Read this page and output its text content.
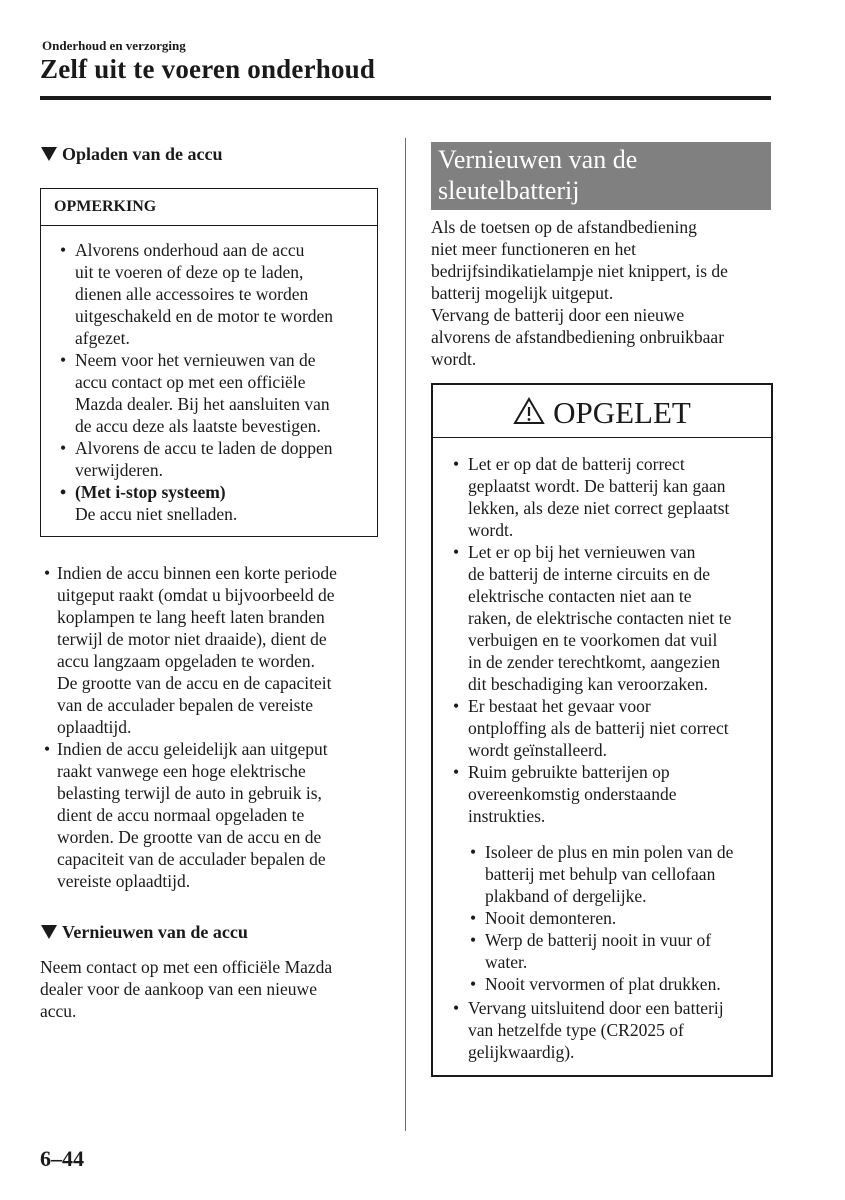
Onderhoud en verzorging
Zelf uit te voeren onderhoud
Opladen van de accu
OPMERKING
• Alvorens onderhoud aan de accu
uit te voeren of deze op te laden,
dienen alle accessoires te worden
uitgeschakeld en de motor te worden
afgezet.
• Neem voor het vernieuwen van de
accu contact op met een officiële
Mazda dealer. Bij het aansluiten van
de accu deze als laatste bevestigen.
• Alvorens de accu te laden de doppen
verwijderen.
• (Met i-stop systeem)
De accu niet snelladen.
• Indien de accu binnen een korte periode
uitgeput raakt (omdat u bijvoorbeeld de
koplampen te lang heeft laten branden
terwijl de motor niet draaide), dient de
accu langzaam opgeladen te worden.
De grootte van de accu en de capaciteit
van de acculader bepalen de vereiste
oplaadtijd.
• Indien de accu geleidelijk aan uitgeput
raakt vanwege een hoge elektrische
belasting terwijl de auto in gebruik is,
dient de accu normaal opgeladen te
worden. De grootte van de accu en de
capaciteit van de acculader bepalen de
vereiste oplaadtijd.
Vernieuwen van de accu
Neem contact op met een officiële Mazda
dealer voor de aankoop van een nieuwe
accu.
Vernieuwen van de
sleutelbatterij
Als de toetsen op de afstandbediening
niet meer functioneren en het
bedrijfsindikatielampje niet knippert, is de
batterij mogelijk uitgeput.
Vervang de batterij door een nieuwe
alvorens de afstandbediening onbruikbaar
wordt.
OPGELET
• Let er op dat de batterij correct
geplaatst wordt. De batterij kan gaan
lekken, als deze niet correct geplaatst
wordt.
• Let er op bij het vernieuwen van
de batterij de interne circuits en de
elektrische contacten niet aan te
raken, de elektrische contacten niet te
verbuigen en te voorkomen dat vuil
in de zender terechtkomt, aangezien
dit beschadiging kan veroorzaken.
• Er bestaat het gevaar voor
ontploffing als de batterij niet correct
wordt geïnstalleerd.
• Ruim gebruikte batterijen op
overeenkomstig onderstaande
instrukties.
• Isoleer de plus en min polen van de
batterij met behulp van cellofaan
plakband of dergelijke.
• Nooit demonteren.
• Werp de batterij nooit in vuur of
water.
• Nooit vervormen of plat drukken.
• Vervang uitsluitend door een batterij
van hetzelfde type (CR2025 of
gelijkwaardig).
6–44
